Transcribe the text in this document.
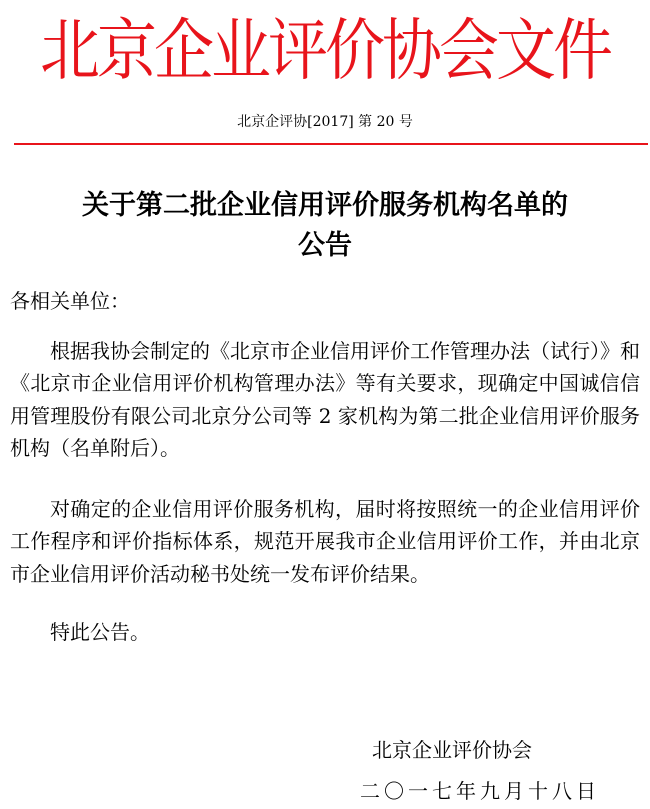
北京企业评价协会文件
北京企评协[2017] 第 20 号
关于第二批企业信用评价服务机构名单的
公告
各相关单位：

根据我协会制定的《北京市企业信用评价工作管理办法（试行）》和《北京市企业信用评价机构管理办法》等有关要求，现确定中国诚信信用管理股份有限公司北京分公司等 2 家机构为第二批企业信用评价服务机构（名单附后）。

对确定的企业信用评价服务机构，届时将按照统一的企业信用评价工作程序和评价指标体系，规范开展我市企业信用评价工作，并由北京市企业信用评价活动秘书处统一发布评价结果。

特此公告。

北京企业评价协会
二〇一七年九月十八日
